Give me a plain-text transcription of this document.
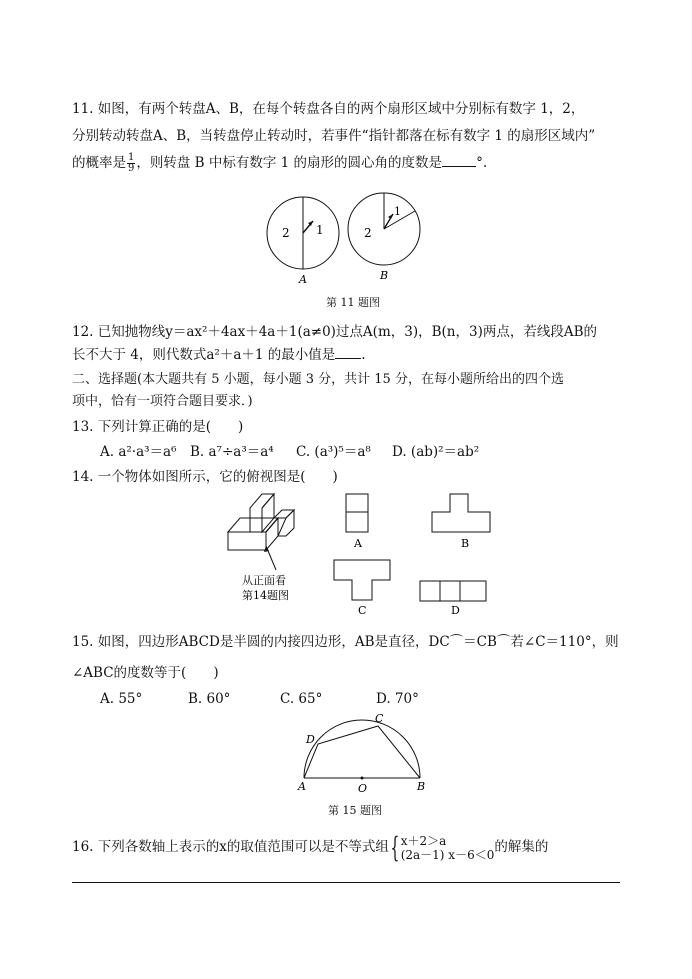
11. 如图，有两个转盘A、B，在每个转盘各自的两个扇形区域中分别标有数字 1，2，
分别转动转盘A、B，当转盘停止转动时，若事件“指针都落在标有数字 1 的扇形区域内”
的概率是 $\frac{1}{9}$ ，则转盘 B 中标有数字 1 的扇形的圆心角的度数是	°.
2 1
A
1
2
B
第 11 题图
12. 已知抛物线y＝ax²＋4ax＋4a＋1(a≠0)过点A(m，3)，B(n，3)两点，若线段AB的
长不大于 4，则代数式a²＋a＋1 的最小值是 .
二、选择题(本大题共有 5 小题，每小题 3 分，共计 15 分，在每小题所给出的四个选
项中，恰有一项符合题目要求．)
13. 下列计算正确的是(　　)
A. a²·a³＝a⁶ B. a⁷÷a³＝a⁴ C. (a³)⁵＝a⁸ D. (ab)²＝ab²
14. 一个物体如图所示，它的俯视图是(　　)
从正面看
第14题图
A	B
C	D
15. 如图，四边形ABCD是半圆的内接四边形，AB是直径，DC⌒＝CB⌒若∠C＝110°，则
∠ABC的度数等于(　　)
A. 55°	B. 60°	C. 65°	D. 70°
A	B
C
D
O
第 15 题图
16. 下列各数轴上表示的x的取值范围可以是不等式组{ x＋2＞a
(2a－1) x－6＜0 的解集的
